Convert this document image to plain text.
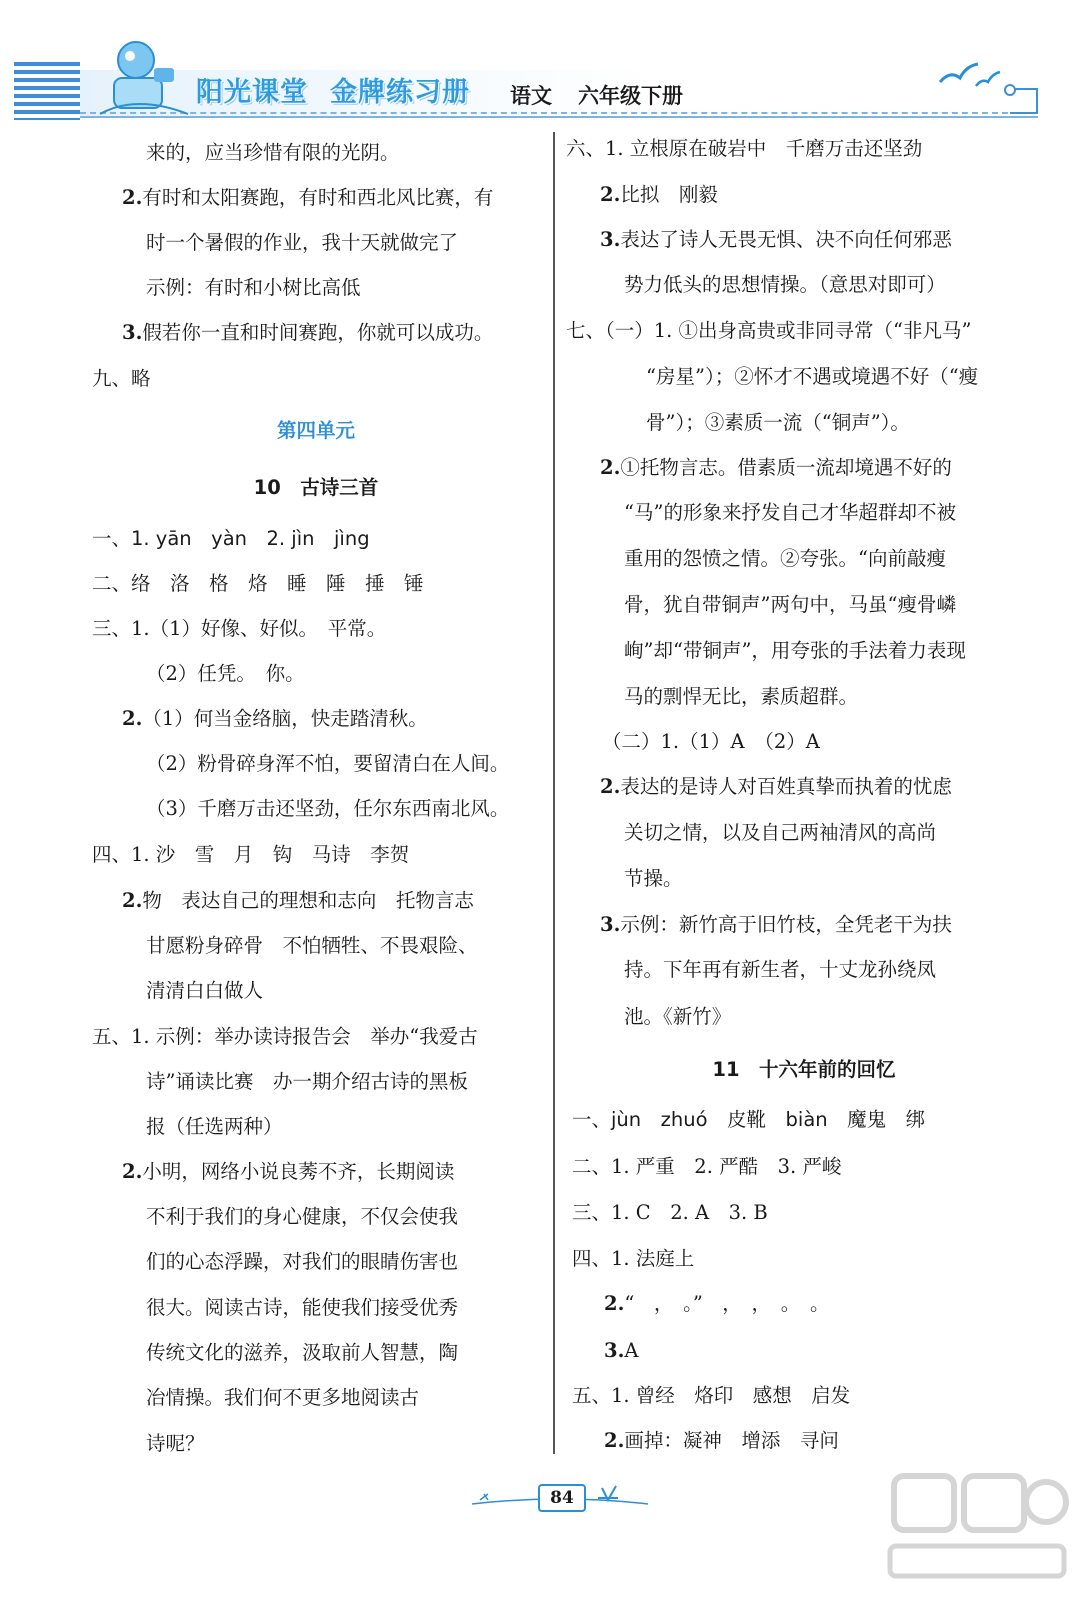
阳光课堂 金牌练习册 语文 六年级下册
来的，应当珍惜有限的光阴。
2.有时和太阳赛跑，有时和西北风比赛，有
时一个暑假的作业，我十天就做完了
示例：有时和小树比高低
3.假若你一直和时间赛跑，你就可以成功。
九、略
第四单元
10　古诗三首
一、1. yān　yàn　2. jìn　jìng
二、络　洛　格　烙　睡　陲　捶　锤
三、1.（1）好像、好似。　平常。
（2）任凭。　你。
2.（1）何当金络脑，快走踏清秋。
（2）粉骨碎身浑不怕，要留清白在人间。
（3）千磨万击还坚劲，任尔东西南北风。
四、1. 沙　雪　月　钩　马诗　李贺
2.物　表达自己的理想和志向　托物言志
甘愿粉身碎骨　不怕牺牲、不畏艰险、
清清白白做人
五、1. 示例：举办读诗报告会　举办“我爱古
诗”诵读比赛　办一期介绍古诗的黑板
报（任选两种）
2.小明，网络小说良莠不齐，长期阅读
不利于我们的身心健康，不仅会使我
们的心态浮躁，对我们的眼睛伤害也
很大。阅读古诗，能使我们接受优秀
传统文化的滋养，汲取前人智慧，陶
冶情操。我们何不更多地阅读古
诗呢？
六、1. 立根原在破岩中　千磨万击还坚劲
2.比拟　刚毅
3.表达了诗人无畏无惧、决不向任何邪恶
势力低头的思想情操。（意思对即可）
七、（一）1. ①出身高贵或非同寻常（“非凡马”
“房星”）；②怀才不遇或境遇不好（“瘦
骨”）；③素质一流（“铜声”）。
2.①托物言志。借素质一流却境遇不好的
“马”的形象来抒发自己才华超群却不被
重用的怨愤之情。②夸张。“向前敲瘦
骨，犹自带铜声”两句中，马虽“瘦骨嶙
峋”却“带铜声”，用夸张的手法着力表现
马的剽悍无比，素质超群。
（二）1.（1）A　（2）A
2.表达的是诗人对百姓真挚而执着的忧虑
关切之情，以及自己两袖清风的高尚
节操。
3.示例：新竹高于旧竹枝，全凭老干为扶
持。下年再有新生者，十丈龙孙绕凤
池。《新竹》
11　十六年前的回忆
一、jùn　zhuó　皮靴　biàn　魔鬼　绑
二、1. 严重　2. 严酷　3. 严峻
三、1. C　2. A　3. B
四、1. 法庭上
2.“　，　。”　，　，　。　。
3.A
五、1. 曾经　烙印　感想　启发
2.画掉：凝神　增添　寻问
84
